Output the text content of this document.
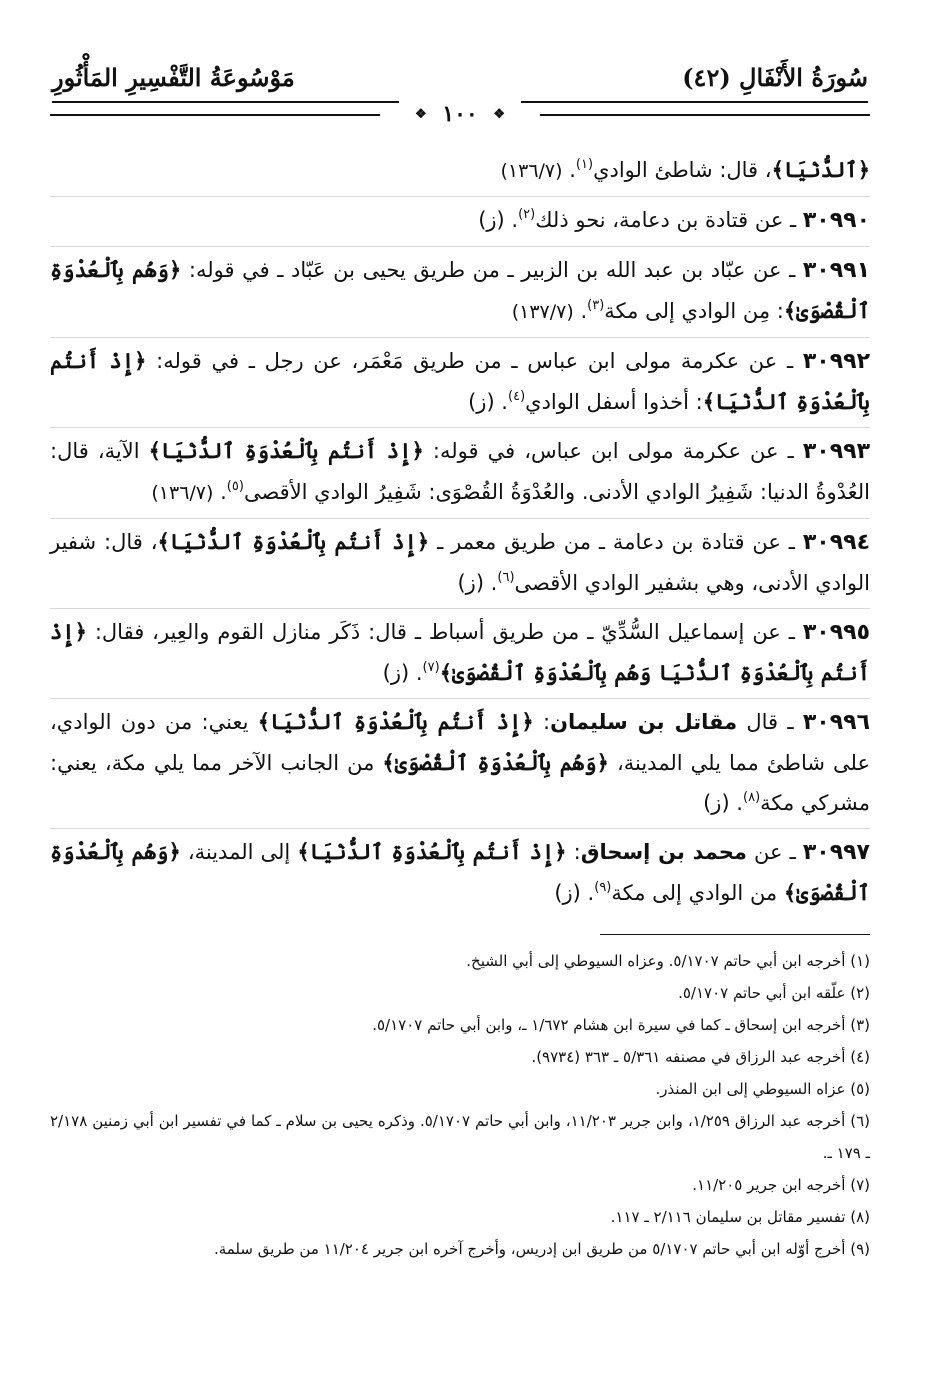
سُورَةُ الأَنْفَالِ (٤٢)
مَوْسُوعَةُ التَّفْسِيرِ المَأْثُورِ
❖ ١٠٠ ❖
﴿ٱلدُّنْيَا﴾، قال: شاطئ الوادي$^{(١)}$. (١٣٦/٧)
٣٠٩٩٠ ـ عن قتادة بن دعامة، نحو ذلك$^{(٢)}$. (ز)
٣٠٩٩١ ـ عن عبّاد بن عبد الله بن الزبير ـ من طريق يحيى بن عَبّاد ـ في قوله: ﴿وَهُم بِٱلْعُدْوَةِ ٱلْقُصْوَىٰ﴾: مِن الوادي إلى مكة$^{(٣)}$. (١٣٧/٧)
٣٠٩٩٢ ـ عن عكرمة مولى ابن عباس ـ من طريق مَعْمَر، عن رجل ـ في قوله: ﴿إِذْ أَنتُم بِٱلْعُدْوَةِ ٱلدُّنْيَا﴾: أخذوا أسفل الوادي$^{(٤)}$. (ز)
٣٠٩٩٣ ـ عن عكرمة مولى ابن عباس، في قوله: ﴿إِذْ أَنتُم بِٱلْعُدْوَةِ ٱلدُّنْيَا﴾ الآية، قال: العُدْوةُ الدنيا: شَفِيرُ الوادي الأدنى. والعُدْوَةُ القُصْوَى: شَفِيرُ الوادي الأقصى$^{(٥)}$. (١٣٦/٧)
٣٠٩٩٤ ـ عن قتادة بن دعامة ـ من طريق معمر ـ ﴿إِذْ أَنتُم بِٱلْعُدْوَةِ ٱلدُّنْيَا﴾، قال: شفير الوادي الأدنى، وهي بشفير الوادي الأقصى$^{(٦)}$. (ز)
٣٠٩٩٥ ـ عن إسماعيل السُّدِّيّ ـ من طريق أسباط ـ قال: ذَكَر منازل القوم والعِير، فقال: ﴿إِذْ أَنتُم بِٱلْعُدْوَةِ ٱلدُّنْيَا وَهُم بِٱلْعُدْوَةِ ٱلْقُصْوَىٰ﴾$^{(٧)}$. (ز)
٣٠٩٩٦ ـ قال مقاتل بن سليمان: ﴿إِذْ أَنتُم بِٱلْعُدْوَةِ ٱلدُّنْيَا﴾ يعني: من دون الوادي، على شاطئ مما يلي المدينة، ﴿وَهُم بِٱلْعُدْوَةِ ٱلْقُصْوَىٰ﴾ من الجانب الآخر مما يلي مكة، يعني: مشركي مكة$^{(٨)}$. (ز)
٣٠٩٩٧ ـ عن محمد بن إسحاق: ﴿إِذْ أَنتُم بِٱلْعُدْوَةِ ٱلدُّنْيَا﴾ إلى المدينة، ﴿وَهُم بِٱلْعُدْوَةِ ٱلْقُصْوَىٰ﴾ من الوادي إلى مكة$^{(٩)}$. (ز)

(١) أخرجه ابن أبي حاتم ٥/١٧٠٧. وعزاه السيوطي إلى أبي الشيخ.

(٢) علّقه ابن أبي حاتم ٥/١٧٠٧.

(٣) أخرجه ابن إسحاق ـ كما في سيرة ابن هشام ١/٦٧٢ ـ، وابن أبي حاتم ٥/١٧٠٧.

(٤) أخرجه عبد الرزاق في مصنفه ٥/٣٦١ ـ ٣٦٣ (٩٧٣٤).

(٥) عزاه السيوطي إلى ابن المنذر.

(٦) أخرجه عبد الرزاق ١/٢٥٩، وابن جرير ١١/٢٠٣، وابن أبي حاتم ٥/١٧٠٧. وذكره يحيى بن سلام ـ كما في تفسير ابن أبي زمنين ٢/١٧٨ ـ ١٧٩ ـ.

(٧) أخرجه ابن جرير ١١/٢٠٥.

(٨) تفسير مقاتل بن سليمان ٢/١١٦ ـ ١١٧.

(٩) أخرج أوّله ابن أبي حاتم ٥/١٧٠٧ من طريق ابن إدريس، وأخرج آخره ابن جرير ١١/٢٠٤ من طريق سلمة.
